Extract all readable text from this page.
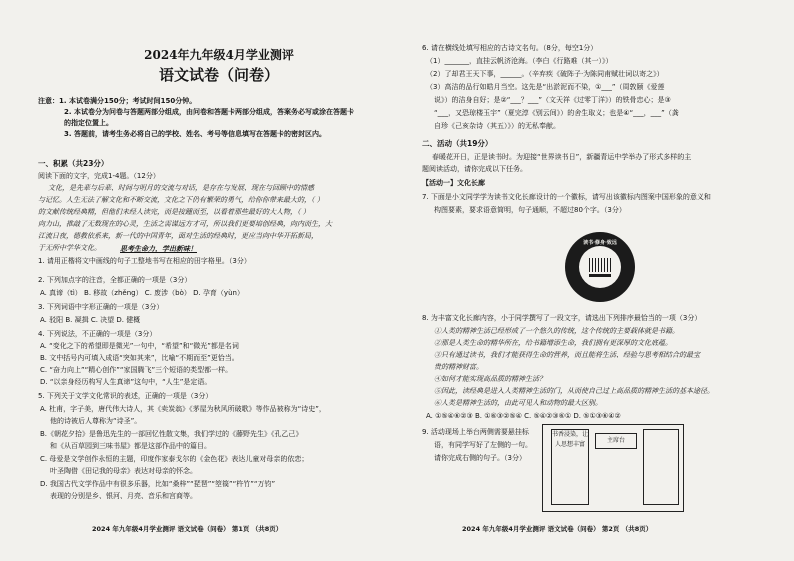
2024年九年级4月学业测评
语文试卷（问卷）
注意：1. 本试卷满分150分；考试时间150分钟。
2. 本试卷分为问卷与答题两部分组成，由问卷和答题卡两部分组成，答案务必写或涂在答题卡
的指定位置上。
3. 答题前，请考生务必将自己的学校、姓名、考号等信息填写在答题卡的密封区内。
一、积累（共23分）
阅读下面的文字，完成1-4题。（12分）
文化，是先辈与后辈、时间与明月的交流与对话，是存在与发展、现在与回顾中的情感
与记忆。人生无法了解文化和不断交流，文化之下仍有繁荣的勇气，给你你带来最大的，（ ）
的文献传统经典精，但他们未经人读完，而是接踵而至，以看着那些最好的大人物，（ ）
向力山，推敲了无数现在的心灵，生活之需谋远方才可，所以我们更要培创经典，向内而生，大
江流日夜，德教依系来，新一代的中国青年，面对生活的经典时，更应当向中华开拓新局，
于无所中学华文化。	思考生命力，学出新味！
1. 请用正楷将文中画线的句子工整地书写在相应的田字格里。（3分）
2. 下列加点字的注音，全都正确的一项是（3分）
A. 真谛（tì） B. 移故（zhěng） C. 废涉（bò） D. 孕育（yùn）
3. 下列词语中字形正确的一项是（3分）
A. 驳阳 B. 凝揖 C. 决望 D. 健概
4. 下列说法，不正确的一项是（3分）
A. “变化之下的希望即是微光”一句中，“希望”和“微光”都是名词
B. 文中括号内可填入成语“突如其来”，比喻“不期而至”更恰当。
C. “奋力向上”“精心创作”“家国腾飞”三个短语的类型都一样。
D. “以亲身经历构写人生真谛”这句中，“人生”是定语。
5. 下列关于文学文化常识的表述，正确的一项是（3分）
A. 杜甫，字子美，唐代伟大诗人，其《卖炭翁》《茅屋为秋风所破歌》等作品被称为“诗史”，
他的诗被后人尊称为“诗圣”。
B.《朝花夕拾》是鲁迅先生的一部回忆性散文集，我们学过的《藤野先生》《孔乙己》
和《从百草园到三味书屋》都是这部作品中的篇目。
C. 母爱是文学创作永恒的主题，印度作家泰戈尔的《金色花》表达儿童对母亲的依恋；
叶圣陶借《田记我的母亲》表达对母亲的怀念。
D. 我国古代文学作品中有很多乐器，比如“桑梓”“琵琶”“箜篌”“杵竹”“万钧”
表现的分别是乡、银河、月亮、音乐和宫商等。
2024 年九年级4月学业测评 语文试卷（问卷） 第1页 （共8页）
6. 请在横线处填写相应的古诗文名句。（8分，每空1分）
（1）_______，直挂云帆济沧海。（李白《行路难（其一）》）
（2）了却君王天下事，______。（辛弃疾《破阵子·为陈同甫赋壮词以寄之》）
（3）高洁的品行如皓月当空。这先是“出淤泥而不染，①___”（周敦颐《爱莲
说》）的洁身自好；是②“___？___”（文天祥《过零丁洋》）的铁骨忠心；是③
“___，又恐琼楼玉宇”（夏完淳《别云间》）的舍生取义；也是④“___，___”（龚
自珍《己亥杂诗（其五）》）的无私奉献。
二、活动（共19分）
春暖花开日，正是读书时。为迎接“世界读书日”，新疆青运中学举办了形式多样的主
题阅读活动，请你完成以下任务。
【活动一】文化长廊
7. 下面是小文同学学为读书文化长廊设计的一个徽标，请写出该徽标内图案中国形象的意义和
构图要素，要求语意简明，句子通顺，不超过80个字。（3分）
读书·修身·致远
8. 为丰富文化长廊内容，小于同学撰写了一段文字，请选出下列排序最恰当的一项（3分）
①人类的精神生活已经形成了一个悠久的传统，这个传统的主要载体就是书籍。
②那是人类生命的精华所在，给书籍增添生命，我们拥有更深厚的文化底蕴。
③只有通过读书，我们才能获得生命的营养，而且能将生活、经验与思考相结合的最宝
贵的精神财富。
④如何才能实现高品质的精神生活？
⑤因此，读经典是进入人类精神生活的门，从而使自己过上高品质的精神生活的基本途径。
⑥人类是精神生活的，由此可见人和动物的最大区别。
A. ①⑤④⑥②③ B. ①⑥③②⑤④ C. ⑤④②③⑥① D. ⑤①③⑥④②
9. 活动现场上举台两侧需要悬挂标
语，有同学写好了左侧的一句。
请你完成右侧的句子。（3分）
书香浸染，让人思想丰富
主席台
2024 年九年级4月学业测评 语文试卷（问卷） 第2页 （共8页）
